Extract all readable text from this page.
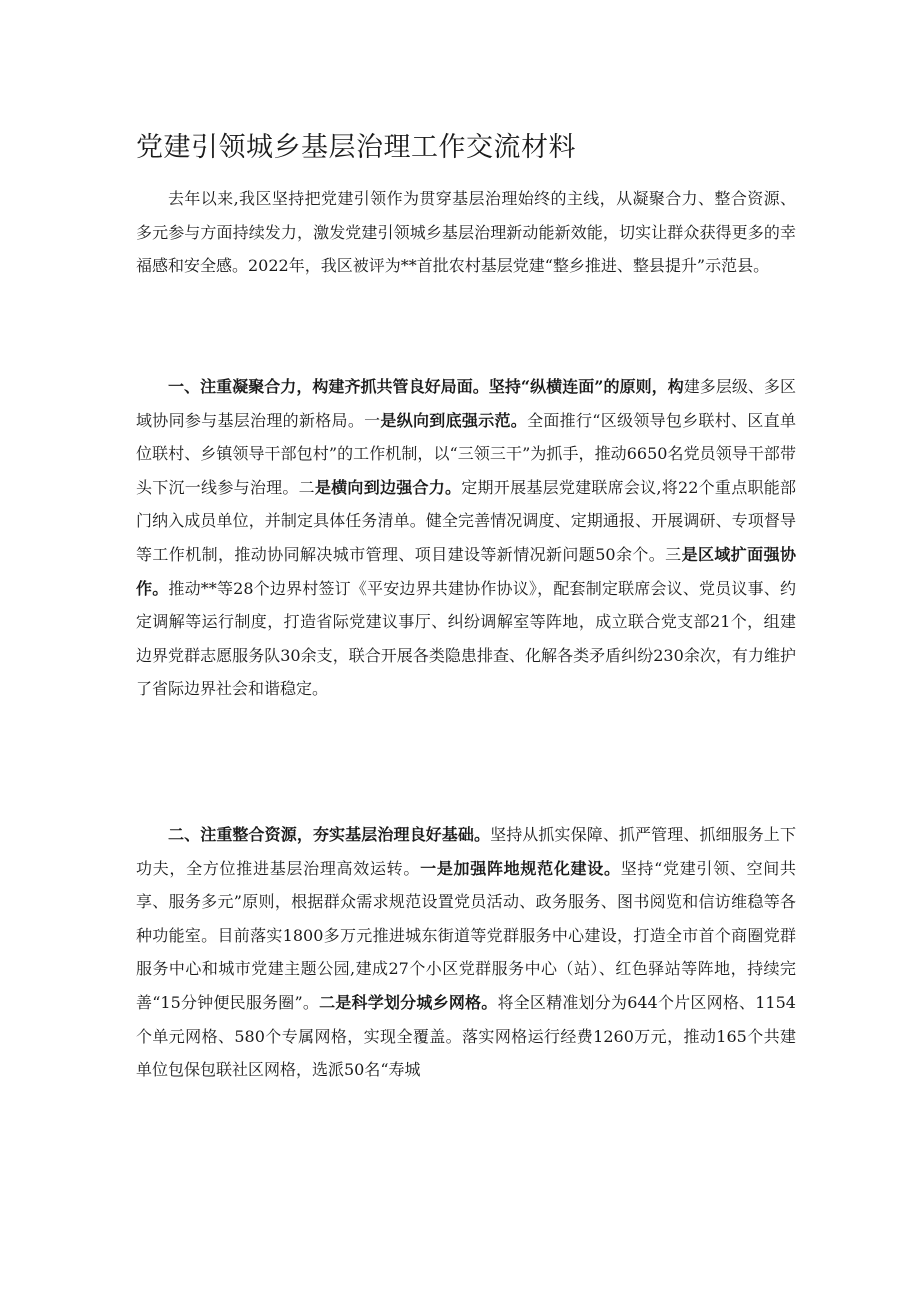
党建引领城乡基层治理工作交流材料

去年以来,我区坚持把党建引领作为贯穿基层治理始终的主线，从凝聚合力、整合资源、多元参与方面持续发力，激发党建引领城乡基层治理新动能新效能，切实让群众获得更多的幸福感和安全感。2022年，我区被评为**首批农村基层党建“整乡推进、整县提升”示范县。

一、注重凝聚合力，构建齐抓共管良好局面。坚持“纵横连面”的原则，构建多层级、多区域协同参与基层治理的新格局。一是纵向到底强示范。全面推行“区级领导包乡联村、区直单位联村、乡镇领导干部包村”的工作机制，以“三领三干”为抓手，推动6650名党员领导干部带头下沉一线参与治理。二是横向到边强合力。定期开展基层党建联席会议,将22个重点职能部门纳入成员单位，并制定具体任务清单。健全完善情况调度、定期通报、开展调研、专项督导等工作机制，推动协同解决城市管理、项目建设等新情况新问题50余个。三是区域扩面强协作。推动**等28个边界村签订《平安边界共建协作协议》，配套制定联席会议、党员议事、约定调解等运行制度，打造省际党建议事厅、纠纷调解室等阵地，成立联合党支部21个，组建边界党群志愿服务队30余支，联合开展各类隐患排查、化解各类矛盾纠纷230余次，有力维护了省际边界社会和谐稳定。

二、注重整合资源，夯实基层治理良好基础。坚持从抓实保障、抓严管理、抓细服务上下功夫，全方位推进基层治理高效运转。一是加强阵地规范化建设。坚持“党建引领、空间共享、服务多元”原则，根据群众需求规范设置党员活动、政务服务、图书阅览和信访维稳等各种功能室。目前落实1800多万元推进城东街道等党群服务中心建设，打造全市首个商圈党群服务中心和城市党建主题公园,建成27个小区党群服务中心（站）、红色驿站等阵地，持续完善“15分钟便民服务圈”。二是科学划分城乡网格。将全区精准划分为644个片区网格、1154个单元网格、580个专属网格，实现全覆盖。落实网格运行经费1260万元，推动165个共建单位包保包联社区网格，选派50名“寿城
